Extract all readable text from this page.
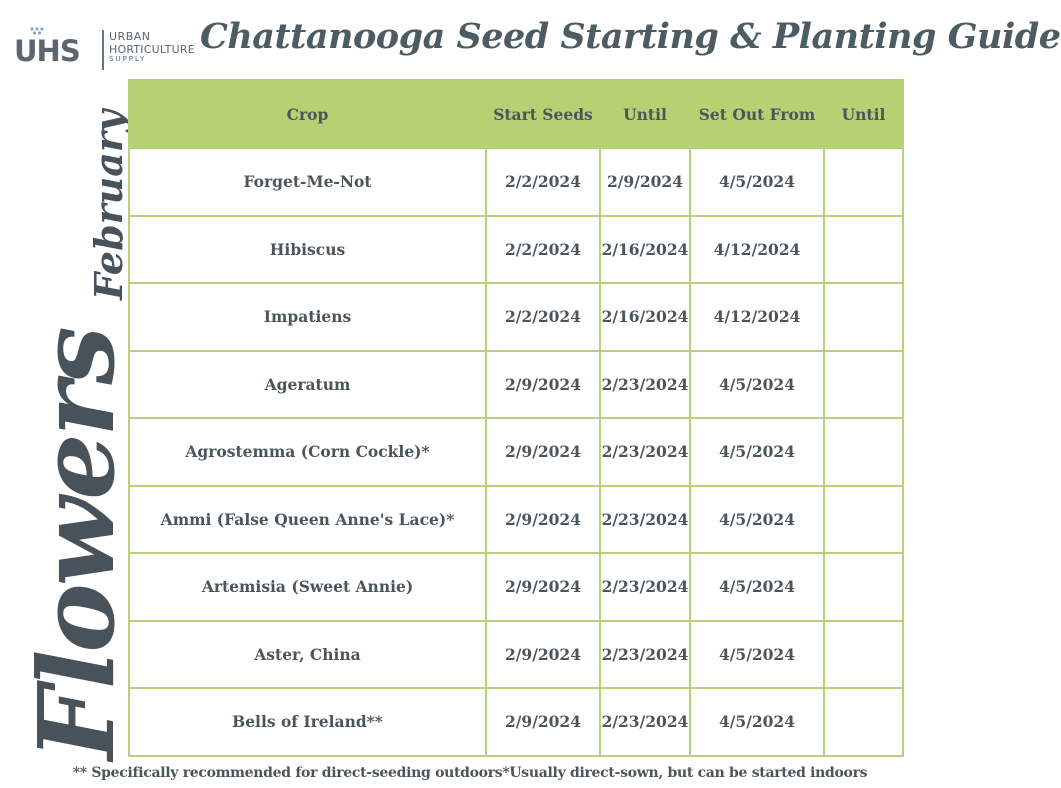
UHS	URBAN
HORTICULTURE
SUPPLY
Chattanooga Seed Starting & Planting Guide
February
Flowers
Crop	Start Seeds	Until	Set Out From	Until
Forget-Me-Not	2/2/2024	2/9/2024	4/5/2024	
Hibiscus	2/2/2024	2/16/2024	4/12/2024	
Impatiens	2/2/2024	2/16/2024	4/12/2024	
Ageratum	2/9/2024	2/23/2024	4/5/2024	
Agrostemma (Corn Cockle)*	2/9/2024	2/23/2024	4/5/2024	
Ammi (False Queen Anne's Lace)*	2/9/2024	2/23/2024	4/5/2024	
Artemisia (Sweet Annie)	2/9/2024	2/23/2024	4/5/2024	
Aster, China	2/9/2024	2/23/2024	4/5/2024	
Bells of Ireland**	2/9/2024	2/23/2024	4/5/2024	
** Specifically recommended for direct-seeding outdoors*Usually direct-sown, but can be started indoors
